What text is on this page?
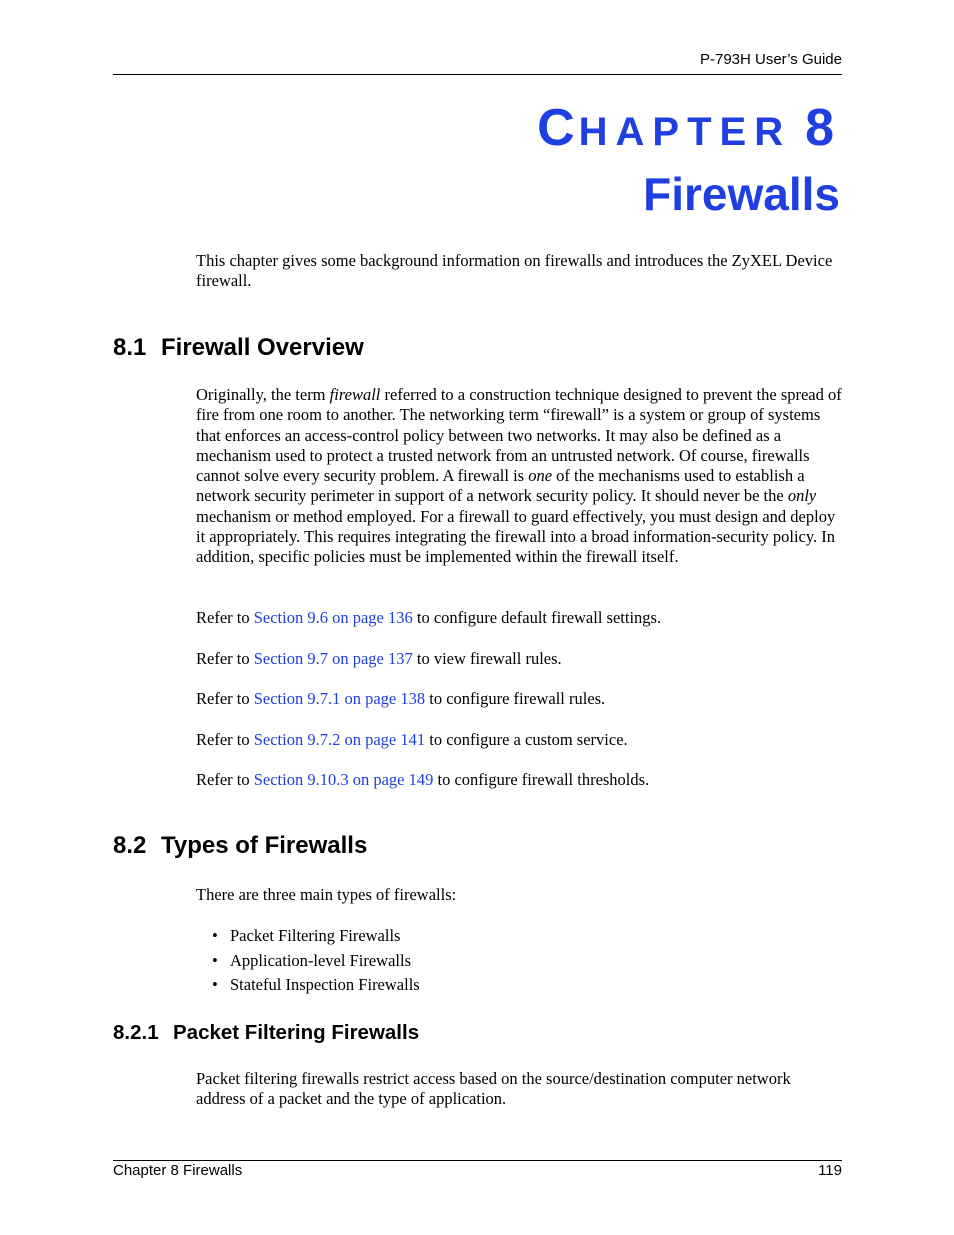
P-793H User’s Guide
CHAPTER 8
Firewalls
This chapter gives some background information on firewalls and introduces the ZyXEL Device firewall.
8.1 Firewall Overview
Originally, the term firewall referred to a construction technique designed to prevent the spread of fire from one room to another. The networking term “firewall” is a system or group of systems that enforces an access-control policy between two networks. It may also be defined as a mechanism used to protect a trusted network from an untrusted network. Of course, firewalls cannot solve every security problem. A firewall is one of the mechanisms used to establish a network security perimeter in support of a network security policy. It should never be the only mechanism or method employed. For a firewall to guard effectively, you must design and deploy it appropriately. This requires integrating the firewall into a broad information-security policy. In addition, specific policies must be implemented within the firewall itself.
Refer to Section 9.6 on page 136 to configure default firewall settings.
Refer to Section 9.7 on page 137 to view firewall rules.
Refer to Section 9.7.1 on page 138 to configure firewall rules.
Refer to Section 9.7.2 on page 141 to configure a custom service.
Refer to Section 9.10.3 on page 149 to configure firewall thresholds.
8.2 Types of Firewalls
There are three main types of firewalls:
• Packet Filtering Firewalls
• Application-level Firewalls
• Stateful Inspection Firewalls
8.2.1 Packet Filtering Firewalls
Packet filtering firewalls restrict access based on the source/destination computer network address of a packet and the type of application.
Chapter 8 Firewalls	119
